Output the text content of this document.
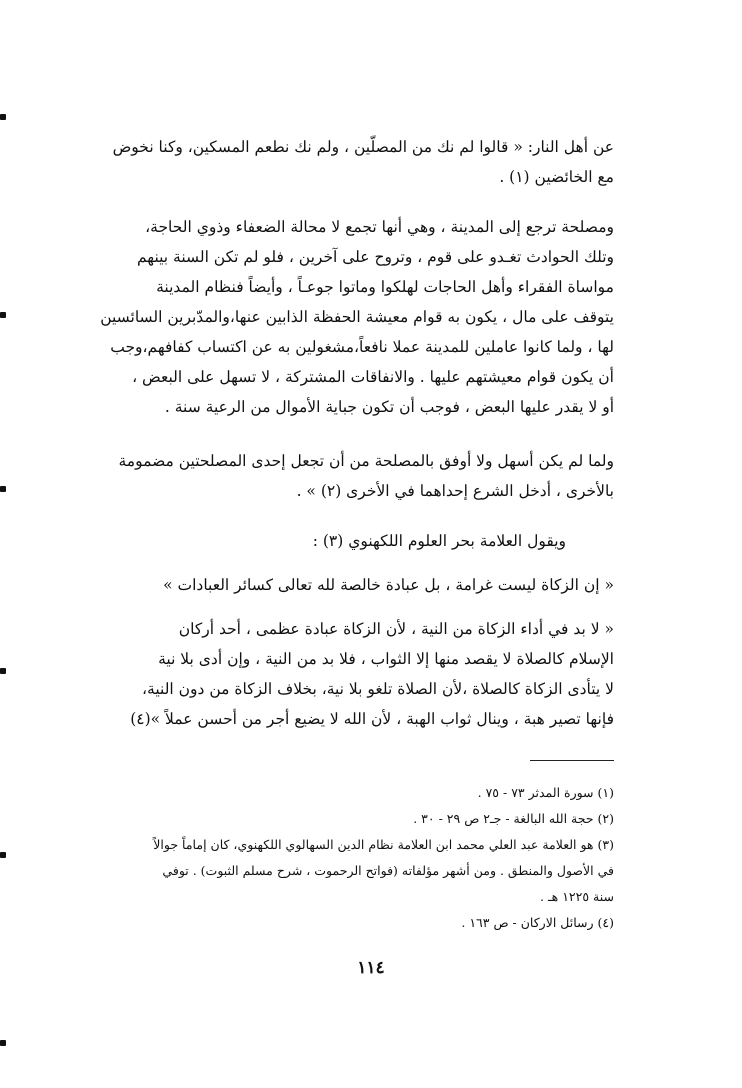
عن أهل النار: « قالوا لم نك من المصلّين ، ولم نك نطعم المسكين، وكنا نخوض
مع الخائضين (١) .
ومصلحة ترجع إلى المدينة ، وهي أنها تجمع لا محالة الضعفاء وذوي الحاجة،
وتلك الحوادث تغـدو على قوم ، وتروح على آخرين ، فلو لم تكن السنة بينهم
مواساة الفقراء وأهل الحاجات لهلكوا وماتوا جوعـاً ، وأيضاً فنظام المدينة
يتوقف على مال ، يكون به قوام معيشة الحفظة الذابين عنها،والمدّبرين السائسين
لها ، ولما كانوا عاملين للمدينة عملا نافعاً،مشغولين به عن اكتساب كفافهم،وجب
أن يكون قوام معيشتهم عليها . والانفاقات المشتركة ، لا تسهل على البعض ،
أو لا يقدر عليها البعض ، فوجب أن تكون جباية الأموال من الرعية سنة .
ولما لم يكن أسهل ولا أوفق بالمصلحة من أن تجعل إحدى المصلحتين مضمومة
بالأخرى ، أدخل الشرع إحداهما في الأخرى (٢) » .
ويقول العلامة بحر العلوم اللكهنوي (٣) :
« إن الزكاة ليست غرامة ، بل عبادة خالصة لله تعالى كسائر العبادات »
« لا بد في أداء الزكاة من النية ، لأن الزكاة عبادة عظمى ، أحد أركان
الإسلام كالصلاة لا يقصد منها إلا الثواب ، فلا بد من النية ، وإن أدى بلا نية
لا يتأدى الزكاة كالصلاة ،لأن الصلاة تلغو بلا نية، بخلاف الزكاة من دون النية،
فإنها تصير هبة ، وينال ثواب الهبة ، لأن الله لا يضيع أجر من أحسن عملاً »(٤)
(١) سورة المدثر ٧٣ - ٧٥ .
(٢) حجة الله البالغة - جـ٢ ص ٢٩ - ٣٠ .
(٣) هو العلامة عبد العلي محمد ابن العلامة نظام الدين السهالوي اللكهنوي، كان إماماً جوالاً
في الأصول والمنطق . ومن أشهر مؤلفاته (فواتح الرحموت ، شرح مسلم الثبوت) . توفي
سنة ١٢٢٥ هـ .
(٤) رسائل الاركان - ص ١٦٣ .
١١٤
